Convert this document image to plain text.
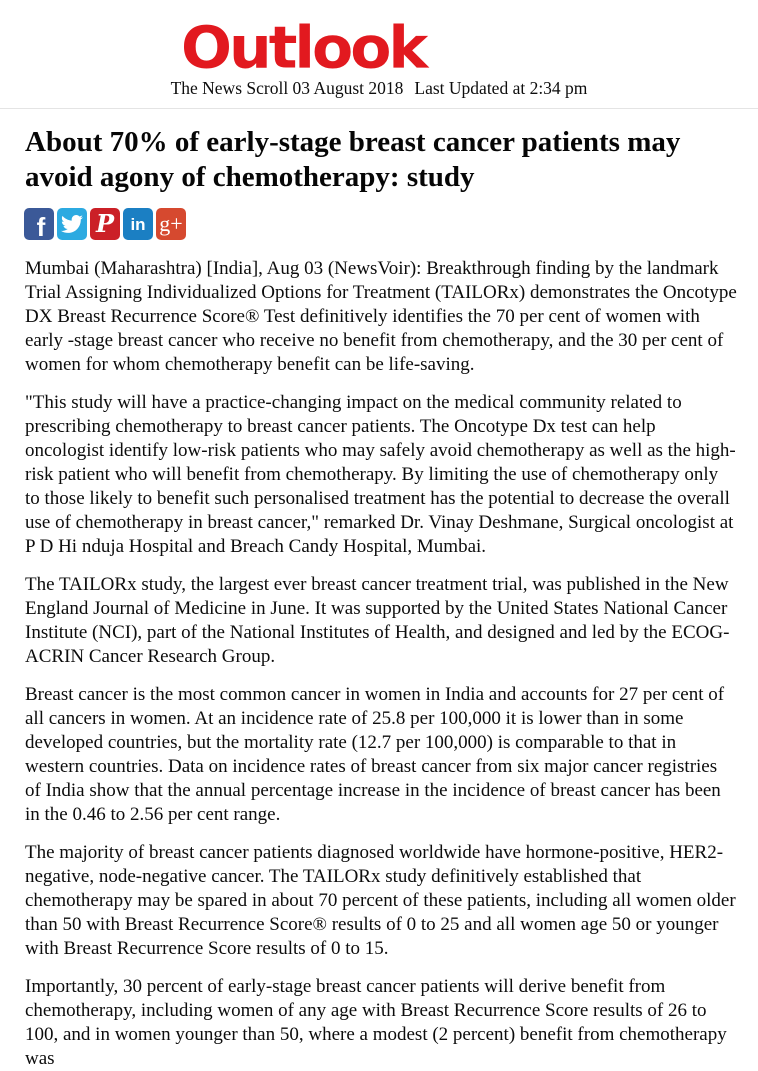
Outlook
The News Scroll 03 August 2018 Last Updated at 2:34 pm
About 70% of early-stage breast cancer patients may avoid agony of chemotherapy: study
f P in g+

Mumbai (Maharashtra) [India], Aug 03 (NewsVoir): Breakthrough finding by the landmark Trial Assigning Individualized Options for Treatment (TAILORx) demonstrates the Oncotype DX Breast Recurrence Score® Test definitively identifies the 70 per cent of women with early -stage breast cancer who receive no benefit from chemotherapy, and the 30 per cent of women for whom chemotherapy benefit can be life-saving.

"This study will have a practice-changing impact on the medical community related to prescribing chemotherapy to breast cancer patients. The Oncotype Dx test can help oncologist identify low-risk patients who may safely avoid chemotherapy as well as the high-risk patient who will benefit from chemotherapy. By limiting the use of chemotherapy only to those likely to benefit such personalised treatment has the potential to decrease the overall use of chemotherapy in breast cancer," remarked Dr. Vinay Deshmane, Surgical oncologist at P D Hi nduja Hospital and Breach Candy Hospital, Mumbai.

The TAILORx study, the largest ever breast cancer treatment trial, was published in the New England Journal of Medicine in June. It was supported by the United States National Cancer Institute (NCI), part of the National Institutes of Health, and designed and led by the ECOG-ACRIN Cancer Research Group.

Breast cancer is the most common cancer in women in India and accounts for 27 per cent of all cancers in women. At an incidence rate of 25.8 per 100,000 it is lower than in some developed countries, but the mortality rate (12.7 per 100,000) is comparable to that in western countries. Data on incidence rates of breast cancer from six major cancer registries of India show that the annual percentage increase in the incidence of breast cancer has been in the 0.46 to 2.56 per cent range.

The majority of breast cancer patients diagnosed worldwide have hormone-positive, HER2-negative, node-negative cancer. The TAILORx study definitively established that chemotherapy may be spared in about 70 percent of these patients, including all women older than 50 with Breast Recurrence Score® results of 0 to 25 and all women age 50 or younger with Breast Recurrence Score results of 0 to 15.

Importantly, 30 percent of early-stage breast cancer patients will derive benefit from chemotherapy, including women of any age with Breast Recurrence Score results of 26 to 100, and in women younger than 50, where a modest (2 percent) benefit from chemotherapy was
